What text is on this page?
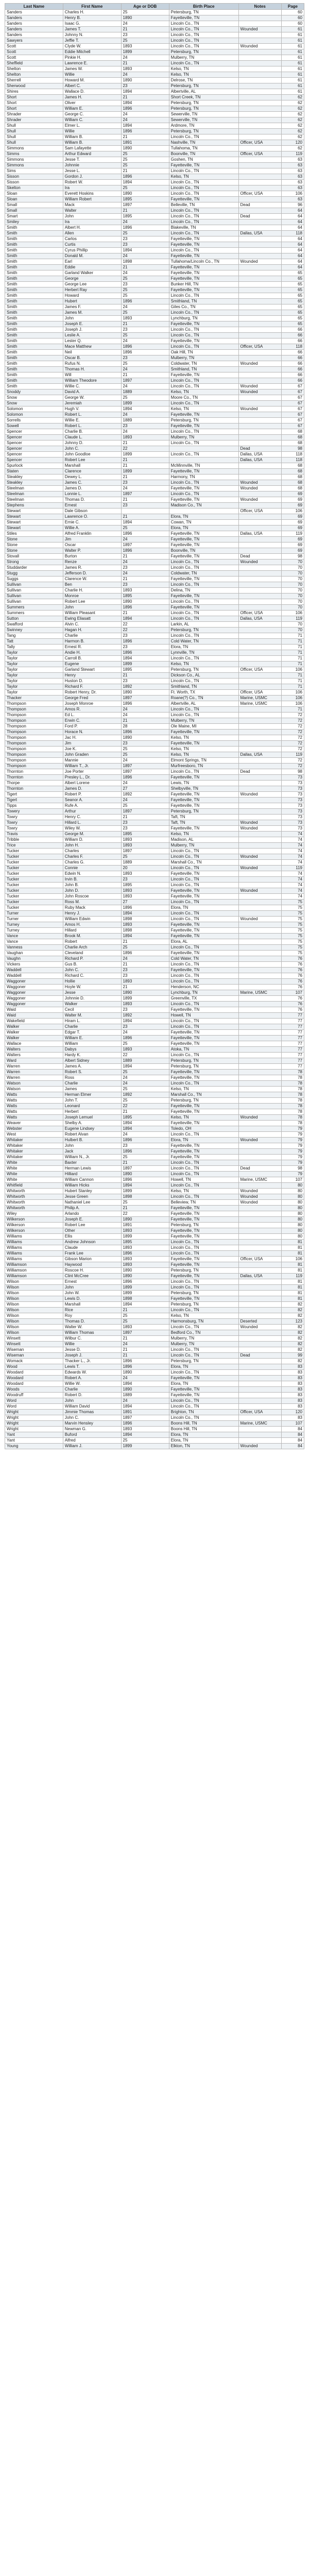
Last Name	First Name	Age or DOB	Birth Place	Notes	Page
Sanders	Charles H.	25	Petersburg, TN		60
Sanders	Henry B.	1890	Fayetteville, TN		60
Sanders	Isaac G.	24	Lincoln Co., TN		60
Sanders	James T.	21	Lincoln Co., TN	Wounded	61
Sanders	Johnny N.	23	Lincoln Co., TN		61
Sawyers	Jeffie T.	25	Lincoln Co., TN		61
Scott	Clyde W.	1893	Lincoln Co., TN	Wounded	61
Scott	Eddie Mitchell	1899	Petersburg, TN		61
Scott	Pinkie H.	24	Mulberry, TN		61
Sheffield	Lawrence E.	21	Lincoln Co., TN		61
Shelton	James W.	1893	Kelso, TN		61
Shelton	Willie	24	Kelso, TN		61
Sherrell	Howard M.	1890	Delrose, TN		61
Sherwood	Albert C.	23	Petersburg, TN		61
Shires	Wallace D.	1894	Albertville, AL		61
Short	James H.	21	Short Creek, TN		62
Short	Oliver	1894	Petersburg, TN		62
Short	William E.	1896	Petersburg, TN		62
Shrader	George C.	24	Sewerville, TN		62
Shrader	William C.	24	Sewerville, TN		62
Shull	Elmer L.	1894	Ardmore, TN		62
Shull	Willie	1896	Petersburg, TN		62
Shull	William B.	21	Lincoln Co., TN		62
Shull	William B.	1891	Nashville, TN	Officer, USA	120
Simmons	Sam Lafayette	1890	Tullahoma, TN		62
Simms	Arthur Edward	25	Boonville, TN	Officer, USA	119
Simmons	Jesse T.	25	Goshen, TN		63
Simmons	Johnnie	25	Fayetteville, TN		63
Sims	Jesse L.	21	Lincoln Co., TN		63
Sisson	Gordon J.	1896	Kelso, TN		63
Sisson	Robert W.	1894	Lincoln Co., TN		63
Skelton	Ira	25	Lincoln Co., TN		63
Sloan	Everett Hoskins	1890	Lincoln Co., TN	Officer, USA	106
Sloan	William Robert	1895	Fayetteville, TN		63
Small	Mack	1897	Belleville, TN	Dead	96
Small	Walter	21	Lincoln Co., TN		64
Smart	John	1895	Lincoln Co., TN	Dead	64
Smiley	Ira	24	Lincoln Co., TN		64
Smith	Albert H.	1896	Blakeville, TN		64
Smith	Allen	25	Lincoln Co., TN	Dallas, USA	118
Smith	Carlos	23	Fayetteville, TN		64
Smith	Curtis	23	Fayetteville, TN		64
Smith	Cyrus Phillip	1894	Lincoln Co., TN		64
Smith	Donald M.	24	Fayetteville, TN		64
Smith	Earl	1898	Tullahoma/Lincoln Co., TN	Wounded	64
Smith	Eddie	21	Fayetteville, TN		64
Smith	Garland Walker	24	Fayetteville, TN		65
Smith	George	25	Fayetteville, TN		65
Smith	George Lee	23	Bunker Hill, TN		65
Smith	Herbert Ray	25	Fayetteville, TN		65
Smith	Howard	25	Lincoln Co., TN		65
Smith	Hubert	1896	Smithland, TN		65
Smith	James F.	24	Giles Co., TN		65
Smith	James M.	25	Lincoln Co., TN		65
Smith	John	1893	Lynchburg, TN		65
Smith	Joseph E.	21	Fayetteville, TN		65
Smith	Joseph J.	23	Lincoln Co., TN		66
Smith	Leslie A.	25	Lincoln Co., TN		66
Smith	Lester Q.	24	Fayetteville, TN		66
Smith	Mace Matthew	1896	Lincoln Co., TN	Officer, USA	118
Smith	Neil	1896	Oak Hill, TN		66
Smith	Oscar B.	23	Mulberry, TN		66
Smith	Rufus N.	25	Coldwater, TN	Wounded	66
Smith	Thomas H.	24	Smithland, TN		66
Smith	Will	21	Fayetteville, TN		66
Smith	William Theodore	1897	Lincoln Co., TN		66
Smith	Willie C.	24	Lincoln Co., TN	Wounded	67
Snoddy	David A.	1889	Kelso, TN	Wounded	67
Snow	George W.	25	Moore Co., TN		67
Snow	Jeremiah	1899	Lincoln Co., TN		67
Solomon	Hugh V.	1894	Kelso, TN	Wounded	67
Solomon	Robert L.	24	Fayetteville, TN		67
Sorrells	Willie E.	1889	Petersburg, TN		67
Sowell	Robert L.	23	Fayetteville, TN		67
Spencer	Charlie B.	24	Lincoln Co., TN		68
Spencer	Claude L.	1893	Mulberry, TN		68
Spencer	Johnny D.	21	Lincoln Co., TN		68
Spencer	John C.	22		Dead	98
Spencer	John Goodloe	1899	Lincoln Co., TN	Dallas, USA	118
Spencer	Robert Lee	21		Dallas, USA	118
Spurlock	Marshall	21	McMinnville, TN		68
Staten	Clarence	1899	Fayetteville, TN		68
Steakley	Dewey L.	21	Harmony, TN		68
Steakley	James C.	23	Lincoln Co., TN	Wounded	68
Steelman	James D.	24	Fayetteville, TN	Wounded	68
Steelman	Lonnie L.	1897	Lincoln Co., TN		69
Steelman	Thomas D.	21	Fayetteville, TN	Wounded	69
Stephens	Ernest	23	Madison Co., TN		69
Stewart	Dale Gibson			Officer, USA	106
Stewart	Lawrence O.	21	Elora, TN		69
Stewart	Ernie C.	1894	Cowan, TN		69
Stewart	Willie A.	25	Elora, TN		69
Stiles	Alfred Franklin	1896	Fayetteville, TN	Dallas, USA	119
Stone	Jim	24	Fayetteville, TN		69
Stone	Oscar	1897	Fayetteville, TN		69
Stone	Walter P.	1896	Boonville, TN		69
Stovall	Burton	21	Fayetteville, TN	Dead	98
Strong	Renze	24	Lincoln Co., TN	Wounded	70
Studdarder	James R.	23	Lincoln Co., TN		70
Stugg	Jefferson D.	24	Coldwater, TN		70
Suggs	Clarence W.	21	Fayetteville, TN		70
Sullivan	Ben	23	Lincoln Co., TN		70
Sullivan	Charlie H.	1893	Delina, TN		70
Sullivan	Monroe	1895	Fayetteville, TN		70
Sullivan	Robert Lee	1890	Lincoln Co., TN		70
Summers	John	1896	Fayetteville, TN		70
Summers	William Pleasant	21	Lincoln Co., TN	Officer, USA	106
Sutton	Ewing Eliasatt	1894	Lincoln Co., TN	Dallas, USA	119
Swafford	Alvin C.	22	Larkin, AL		70
Swinney	Hagan H.	22	Petersburg, TN		70
Tang	Charlie	23	Lincoln Co., TN		71
Tatt	Harmon B.	1896	Cold Water, TN		71
Tally	Ernest R.	23	Elora, TN		71
Taylor	Andie H.	1896	Lynnville, TN		71
Taylor	Carroll B.	1894	Lincoln Co., TN		71
Taylor	Eugene	1899	Kelso, TN		71
Taylor	Garland Stewart	1895	Petersburg, TN	Officer, USA	106
Taylor	Henry	21	Dickson Co., AL		71
Taylor	Huston D.	23	Lincoln Co., TN		71
Taylor	Richard F.	1892	Smithland, TN		71
Taylor	Robert Henry, Dr.	1890	Ft. Worth, TX	Officer, USA	106
Thacker	George Fred	1897	Roane(?) Co., TN	Marine, USMC	106
Thompson	Joseph Monroe	1896	Albertville, AL	Marine, USMC	106
Thompson	Amos R.	24	Lincoln Co., TN		71
Thompson	Ed L.	24	Lincoln Co., TN		72
Thompson	Erwin C.	21	Mulberry, TN		72
Thompson	Ford P.	28	Ole Maine, MI		72
Thompson	Horace N.	1896	Fayetteville, TN		72
Thompson	Jac H.	1890	Kelso, TN		72
Thompson	Jim	23	Fayetteville, TN		72
Thompson	Joe K.	25	Kelso, TN		72
Thompson	John Graden	25	Kelso, TN	Dallas, USA	119
Thompson	Mannie	24	Elmont Springs, TN		72
Thompson	William T., Jr.	1897	Murfreesboro, TN		72
Thornton	Joe Porter	1897	Lincoln Co., TN	Dead	98
Thornton	Presley L., Dr.	1896	Fayetteville, TN		73
Thorpe	Albert Lorene	24	Lewis, TN		73
Thornton	James D.	27	Shelbyville, TN		73
Tigert	Robert P.	1892	Fayetteville, TN	Wounded	73
Tigert	Seanor A.	24	Fayetteville, TN		73
Tipps	Rufe A.	25	Fayetteville, TN		73
Towery	Arthur	1897	Petersburg, TN		73
Towry	Henry C.	21	Taft, TN		73
Towry	Hillard L.	23	Taft, TN	Wounded	73
Towry	Wiley W.	23	Fayetteville, TN	Wounded	73
Travis	George M.	1895	Kelso, TN		74
Tribble	William D.	1893	Madison, AL		74
Trice	John H.	1893	Mulberry, TN		74
Tucker	Charles	1897	Lincoln Co., TN		74
Tucker	Charles F.	25	Lincoln Co., TN	Wounded	74
Tucker	Charles G.	1889	Marshall Co., TN		74
Tucker	Connie	20	Lincoln Co., TN	Wounded	119
Tucker	Edwin N.	1893	Fayetteville, TN		74
Tucker	Irvin B.	23	Lincoln Co., TN		74
Tucker	John B.	1895	Lincoln Co., TN		74
Tucker	John D.	1893	Fayetteville, TN	Wounded	74
Tucker	John Roscoe	1893	Fayetteville, TN		74
Tucker	Ross M.	27	Lincoln Co., TN		75
Tucker	Ruby Mack	1896	Elora, TN		75
Turner	Henry J.	1894	Lincoln Co., TN		75
Turner	William Edwin	1898	Lincoln Co., TN	Wounded	75
Turney	Amos H.	1893	Fayetteville, TN		75
Turney	Hillard	1898	Fayetteville, TN		75
Vance	Brook M.	1894	Fayetteville, TN		75
Vance	Robert	21	Elora, AL		75
Vanness	Charlie Arch	25	Lincoln Co., TN		75
Vaughan	Cleveland	1896	Fayetteville, TN		75
Vaughn	Richard P.	24	Cold Water, TN		76
Vickers	Gus B.	21	Lincoln Co., TN		76
Waddell	John C.	23	Fayetteville, TN		76
Waddell	Richard C.	23	Lincoln Co., TN		76
Waggoner	Hollie	1893	Lincoln Co., TN		76
Waggoner	Hoyle W.	21	Henderson, NC		76
Waggoner	Jesse	1890	Lynchburg, TN	Marine, USMC	107
Waggoner	Johnnie D.	1899	Greenville, TX		76
Waggoner	Walker	1893	Lincoln Co., TN		76
Waid	Cecil	23	Fayetteville, TN		76
Waid	Walter M.	1892	Howell, TN		77
Wakefield	Hiram L.	1894	Lincoln Co., TN		77
Walker	Charlie	23	Lincoln Co., TN		77
Walker	Edgar T.	24	Fayetteville, TN		77
Walker	William E.	1896	Fayetteville, TN		77
Wallace	William	25	Fayetteville, TN		77
Walters	Dabys	1893	Atoka, TN		77
Walters	Hardy K.	22	Lincoln Co., TN		77
Ward	Albert Sidney	1889	Petersburg, TN		77
Warren	James A.	1894	Petersburg, TN		77
Warren	Robert S.	25	Fayetteville, TN		78
Warren	Ross	24	Fayetteville, TN		78
Watson	Charlie	24	Lincoln Co., TN		78
Watson	James	25	Kelso, TN		78
Watts	Herman Elmer	1892	Marshall Co., TN		78
Watts	John T.	25	Petersburg, TN		78
Watts	Leonard	22	Fayetteville, TN		78
Watts	Herbert	21	Fayetteville, TN		78
Watts	Joseph Lemuel	1895	Kelso, TN	Wounded	78
Weaver	Shelby A.	1894	Fayetteville, TN		78
Webster	Eugene Lindsey	1894	Toledo, OH		79
West	Robert Alvan	24	Lincoln Co., TN		79
Whitaker	Hulbert B.	1896	Elora, TN	Wounded	79
Whitaker	John	23	Fayetteville, TN		79
Whitaker	Jack	1896	Fayetteville, TN		79
Whitaker	William N., Jr.	25	Fayetteville, TN		79
White	Baxter	21	Lincoln Co., TN		79
White	Herman Lewis	1897	Lincoln Co., TN	Dead	98
White	Hilliard	1890	Lincoln Co., TN		79
White	William Cannon	1896	Howell, TN	Marine, USMC	107
Whitfield	William Hicks	1894	Lincoln Co., TN		80
Whitworth	Hubert Stanley	1899	Kelso, TN	Wounded	80
Whitworth	Jesse Green	1898	Lincoln Co., TN	Wounded	80
Whitworth	Nathaniel Lee	25	Belleview, TN	Wounded	80
Whitworth	Philip A.	21	Fayetteville, TN		80
Wiley	Arlando	22	Fayetteville, TN		80
Wilkerson	Joseph E.	1890	Fayetteville, TN		80
Wilkerson	Robert Lee	1891	Petersburg, TN		80
Wilkerson	Other	1893	Fayetteville, TN		80
Williams	Ellis	1899	Fayetteville, TN		80
Williams	Andrew Johnson	1895	Lincoln Co., TN		81
Williams	Claude	1893	Lincoln Co., TN		81
Williams	Frank Lee	1896	Lincoln Co., TN		81
Williams	Gibson Marion	1893	Fayetteville, TN	Officer, USA	106
Williamson	Haywood	1893	Fayetteville, TN		81
Williamson	Roscoe H.	1890	Petersburg, TN		81
Williamson	Clint McCree	1890	Fayetteville, TN	Dallas, USA	119
Wilson	Ernest	1896	Lincoln Co., TN		81
Wilson	John	1899	Lincoln Co., TN		81
Wilson	John W.	1899	Petersburg, TN		81
Wilson	Lewis D.	1898	Fayetteville, TN		81
Wilson	Marshall	1894	Petersburg, TN		82
Wilson	Rice	21	Lincoln Co., TN		82
Wilson	Roy	25	Kelso, TN		82
Wilson	Thomas D.	25	Harmonsburg, TN	Deserted	123
Wilson	Walter W.	1893	Lincoln Co., TN	Wounded	82
Wilson	William Thomas	1897	Bedford Co., TN		82
Winsett	Wilbur C.	21	Mulberry, TN		82
Winsett	Willie	24	Mulberry, TN		82
Wiseman	Jesse D.	21	Lincoln Co., TN		82
Wiseman	Joseph J.	21	Lincoln Co., TN	Dead	99
Womack	Thacker L., Jr.	1896	Petersburg, TN		82
Wood	Lewis T.	1896	Elora, TN		83
Woodard	Edwards W.	1890	Lincoln Co., TN		83
Woodard	Robert A.	24	Fayetteville, TN		83
Woodard	Willie W.	1894	Elora, TN		83
Woods	Charlie	1890	Fayetteville, TN		83
Woodruff	Robert D.	1889	Fayetteville, TN		83
Word	John	24	Lincoln Co., TN		83
Word	William David	1894	Lincoln Co., TN		83
Wright	Jimmie Thomas	1891	Brighton, TN	Officer, USA	120
Wright	John C.	1897	Lincoln Co., TN		83
Wright	Marvin Hensley	1896	Boons Hill, TN	Marine, USMC	107
Wright	Newman G.	1893	Boons Hill, TN		84
Yant	Buford	1894	Elora, TN		84
Yant	Alfred	25	Elora, TN		84
Young	William J.	1899	Elkton, TN	Wounded	84
